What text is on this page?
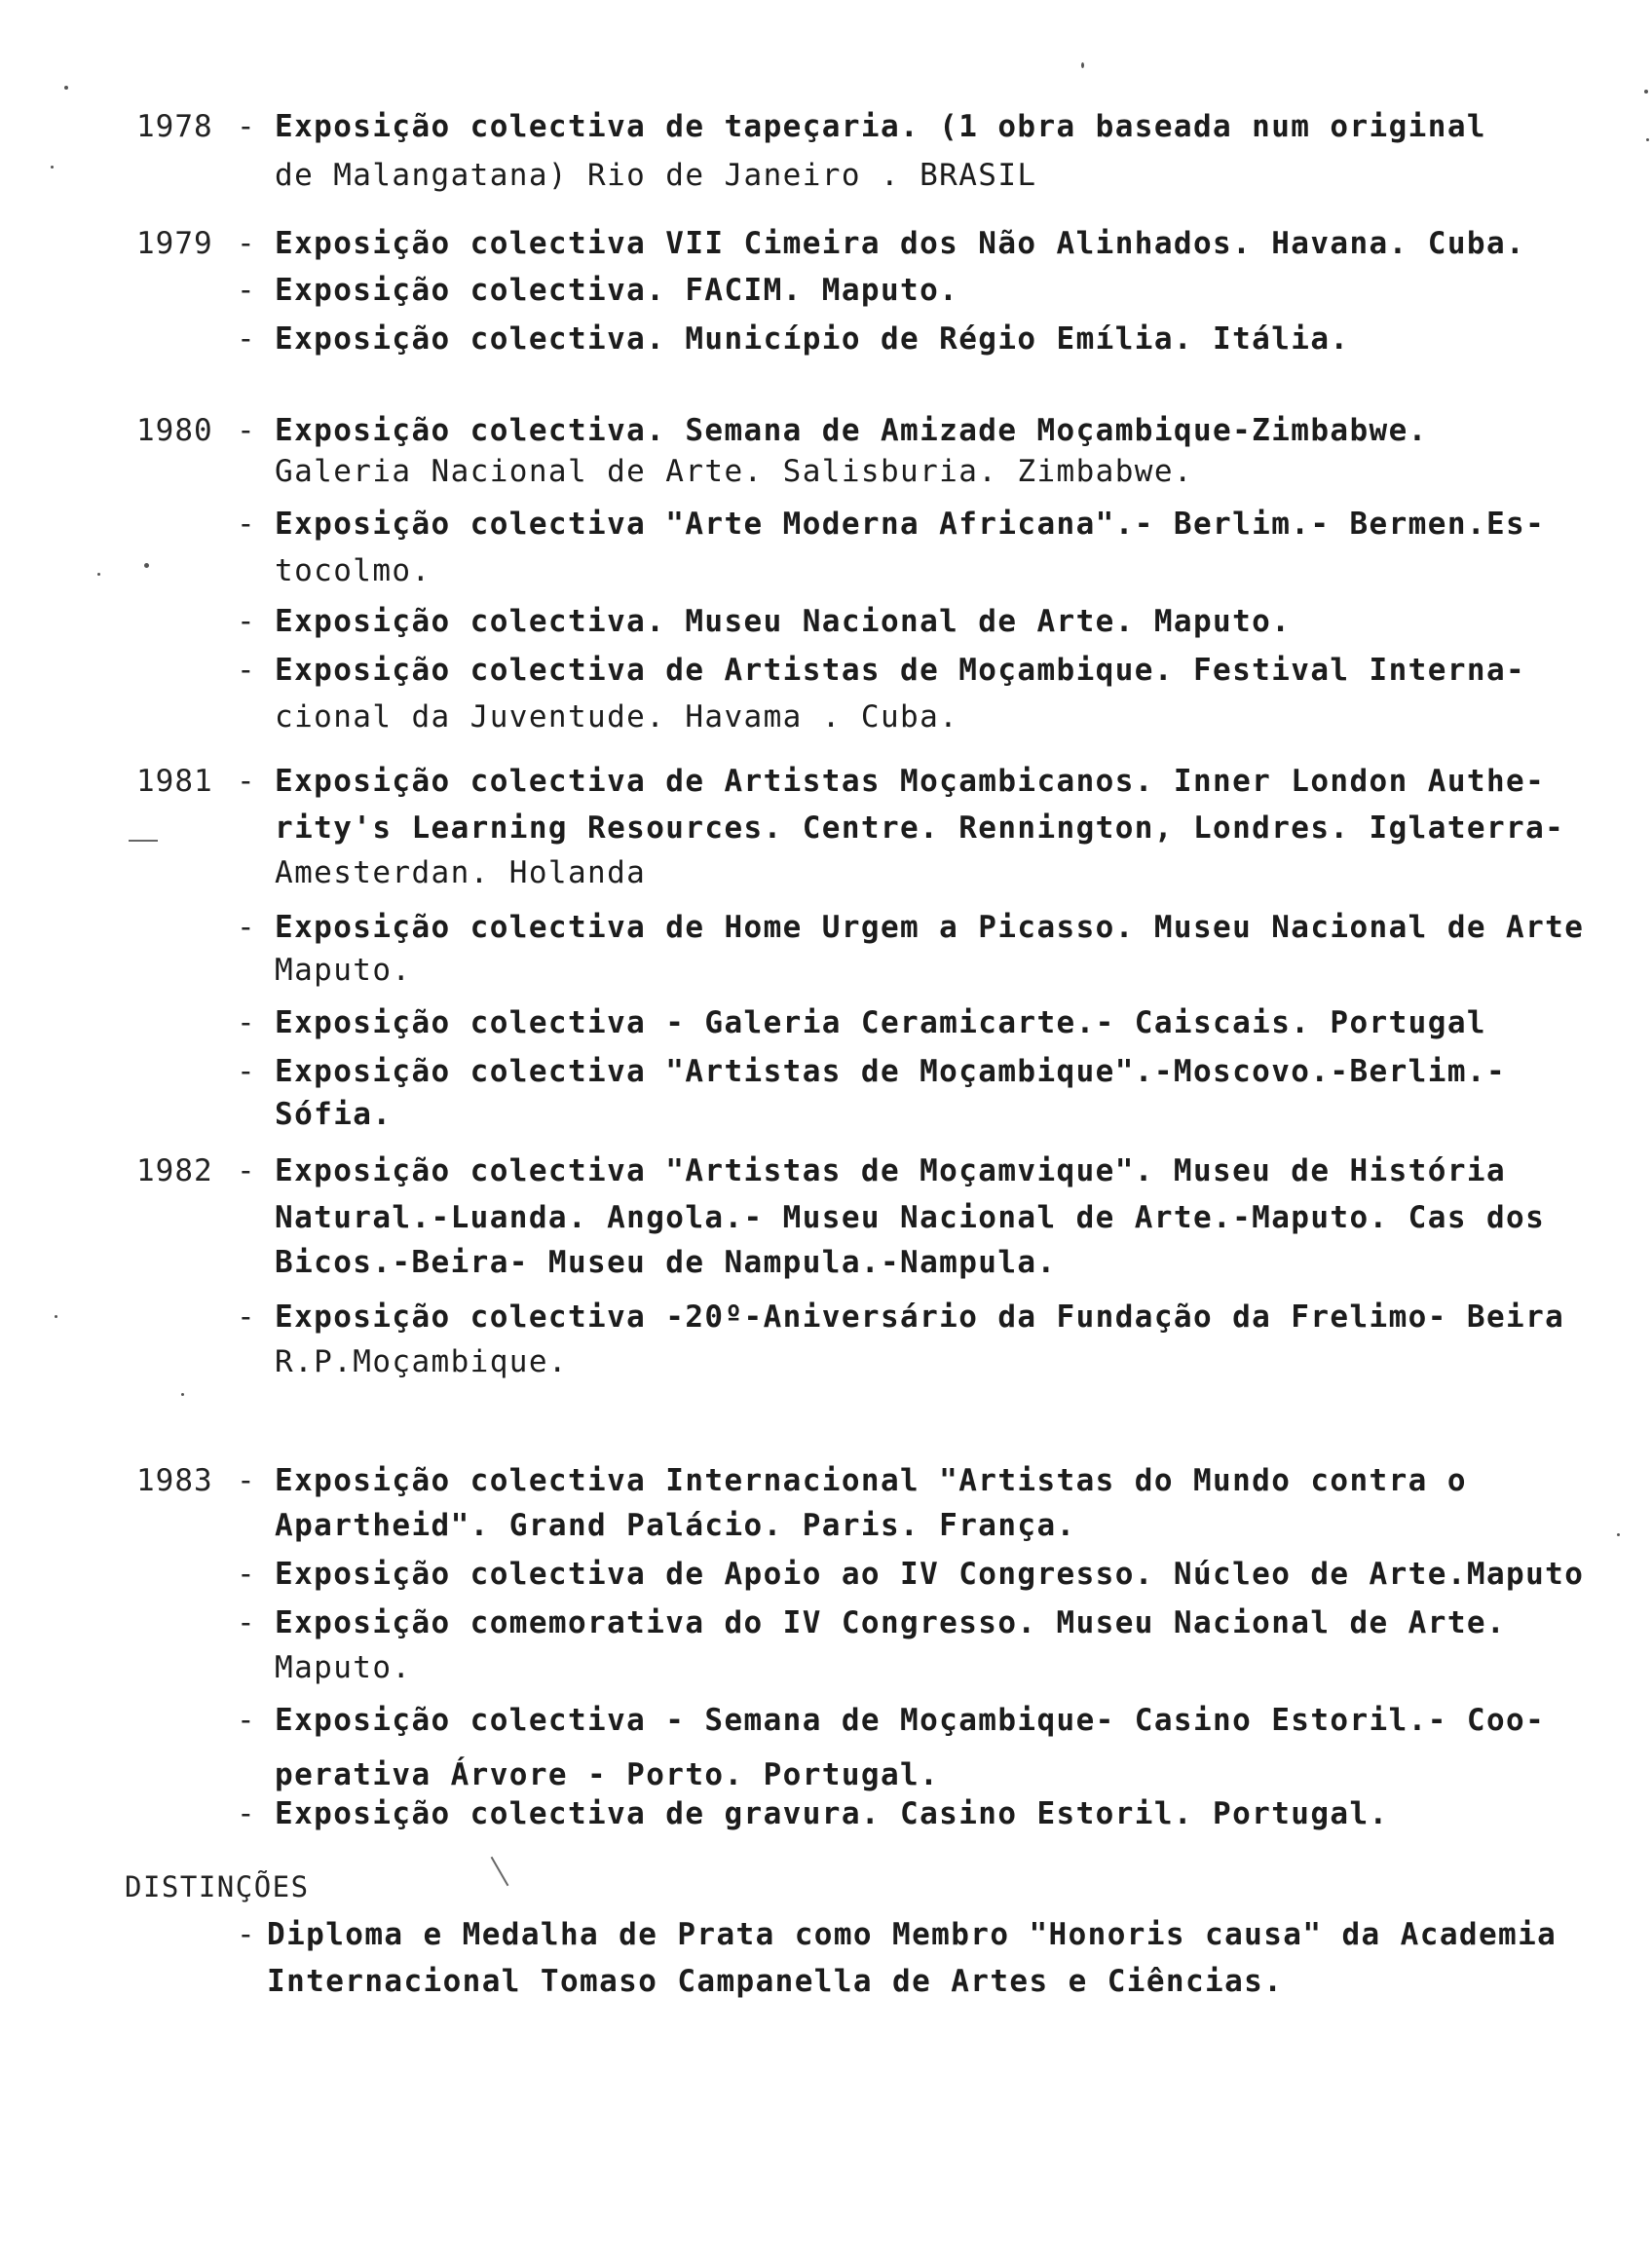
1978 - Exposição colectiva de tapeçaria. (1 obra baseada num original
de Malangatana) Rio de Janeiro . BRASIL
1979 - Exposição colectiva VII Cimeira dos Não Alinhados. Havana. Cuba.
- Exposição colectiva. FACIM. Maputo.
- Exposição colectiva. Município de Régio Emília. Itália.
1980 - Exposição colectiva. Semana de Amizade Moçambique-Zimbabwe.
Galeria Nacional de Arte. Salisburia. Zimbabwe.
- Exposição colectiva "Arte Moderna Africana".- Berlim.- Bermen.Es-
tocolmo.
- Exposição colectiva. Museu Nacional de Arte. Maputo.
- Exposição colectiva de Artistas de Moçambique. Festival Interna-
cional da Juventude. Havama . Cuba.
1981 - Exposição colectiva de Artistas Moçambicanos. Inner London Authe-
rity's Learning Resources. Centre. Rennington, Londres. Iglaterra-
Amesterdan. Holanda
- Exposição colectiva de Home Urgem a Picasso. Museu Nacional de Arte
Maputo.
- Exposição colectiva - Galeria Ceramicarte.- Caiscais. Portugal
- Exposição colectiva "Artistas de Moçambique".-Moscovo.-Berlim.-
Sófia.
1982 - Exposição colectiva "Artistas de Moçamvique". Museu de História
Natural.-Luanda. Angola.- Museu Nacional de Arte.-Maputo. Cas dos
Bicos.-Beira- Museu de Nampula.-Nampula.
- Exposição colectiva -20º-Aniversário da Fundação da Frelimo- Beira
R.P.Moçambique.
1983 - Exposição colectiva Internacional "Artistas do Mundo contra o
Apartheid". Grand Palácio. Paris. França.
- Exposição colectiva de Apoio ao IV Congresso. Núcleo de Arte.Maputo
- Exposição comemorativa do IV Congresso. Museu Nacional de Arte.
Maputo.
- Exposição colectiva - Semana de Moçambique- Casino Estoril.- Coo-
perativa Árvore - Porto. Portugal.
- Exposição colectiva de gravura. Casino Estoril. Portugal.
DISTINÇÕES
- Diploma e Medalha de Prata como Membro "Honoris causa" da Academia
Internacional Tomaso Campanella de Artes e Ciências.
